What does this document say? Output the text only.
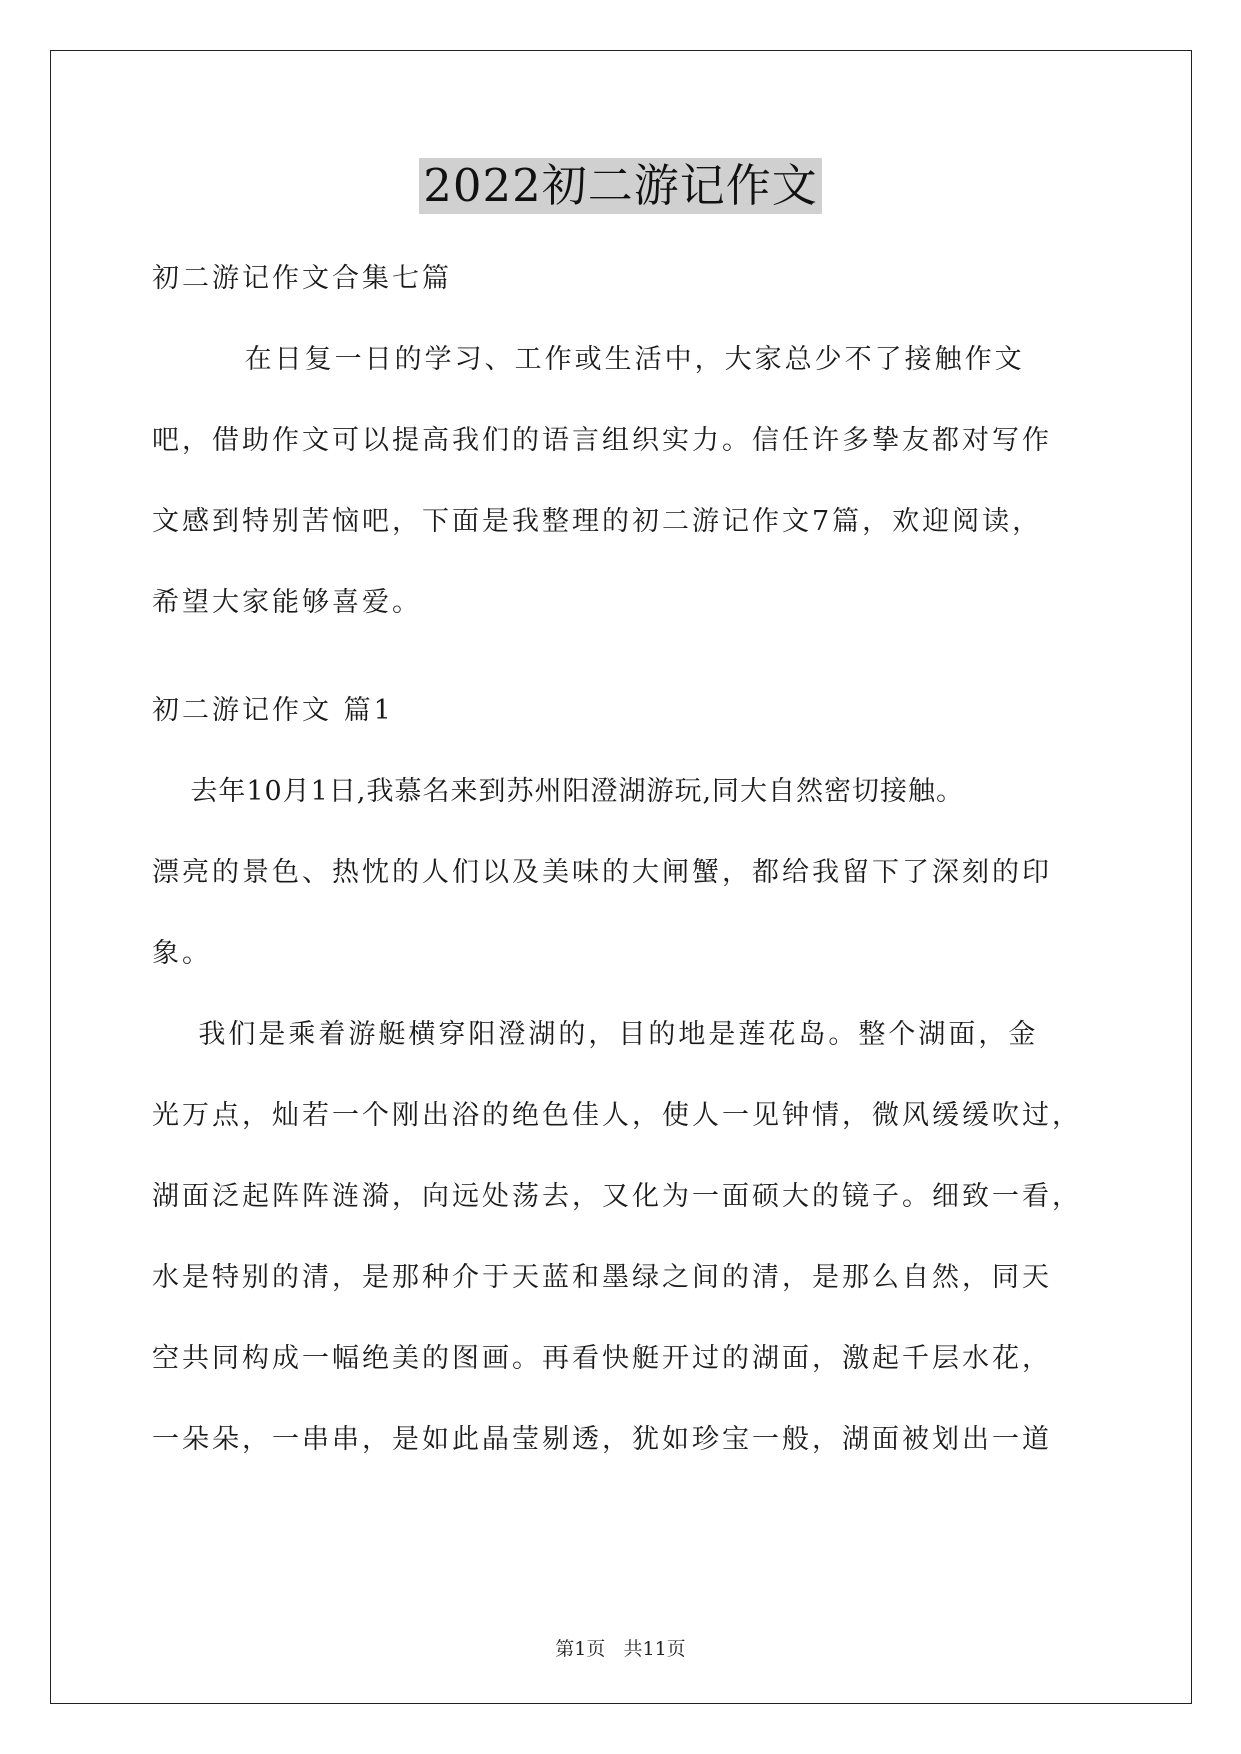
2022初二游记作文
初二游记作文合集七篇
在日复一日的学习、工作或生活中，大家总少不了接触作文
吧，借助作文可以提高我们的语言组织实力。信任许多挚友都对写作
文感到特别苦恼吧，下面是我整理的初二游记作文7篇，欢迎阅读，
希望大家能够喜爱。
初二游记作文 篇1
去年10月1日,我慕名来到苏州阳澄湖游玩,同大自然密切接触。
漂亮的景色、热忱的人们以及美味的大闸蟹，都给我留下了深刻的印
象。
我们是乘着游艇横穿阳澄湖的，目的地是莲花岛。整个湖面，金
光万点，灿若一个刚出浴的绝色佳人，使人一见钟情，微风缓缓吹过，
湖面泛起阵阵涟漪，向远处荡去，又化为一面硕大的镜子。细致一看，
水是特别的清，是那种介于天蓝和墨绿之间的清，是那么自然，同天
空共同构成一幅绝美的图画。再看快艇开过的湖面，激起千层水花，
一朵朵，一串串，是如此晶莹剔透，犹如珍宝一般，湖面被划出一道
第1页   共11页
